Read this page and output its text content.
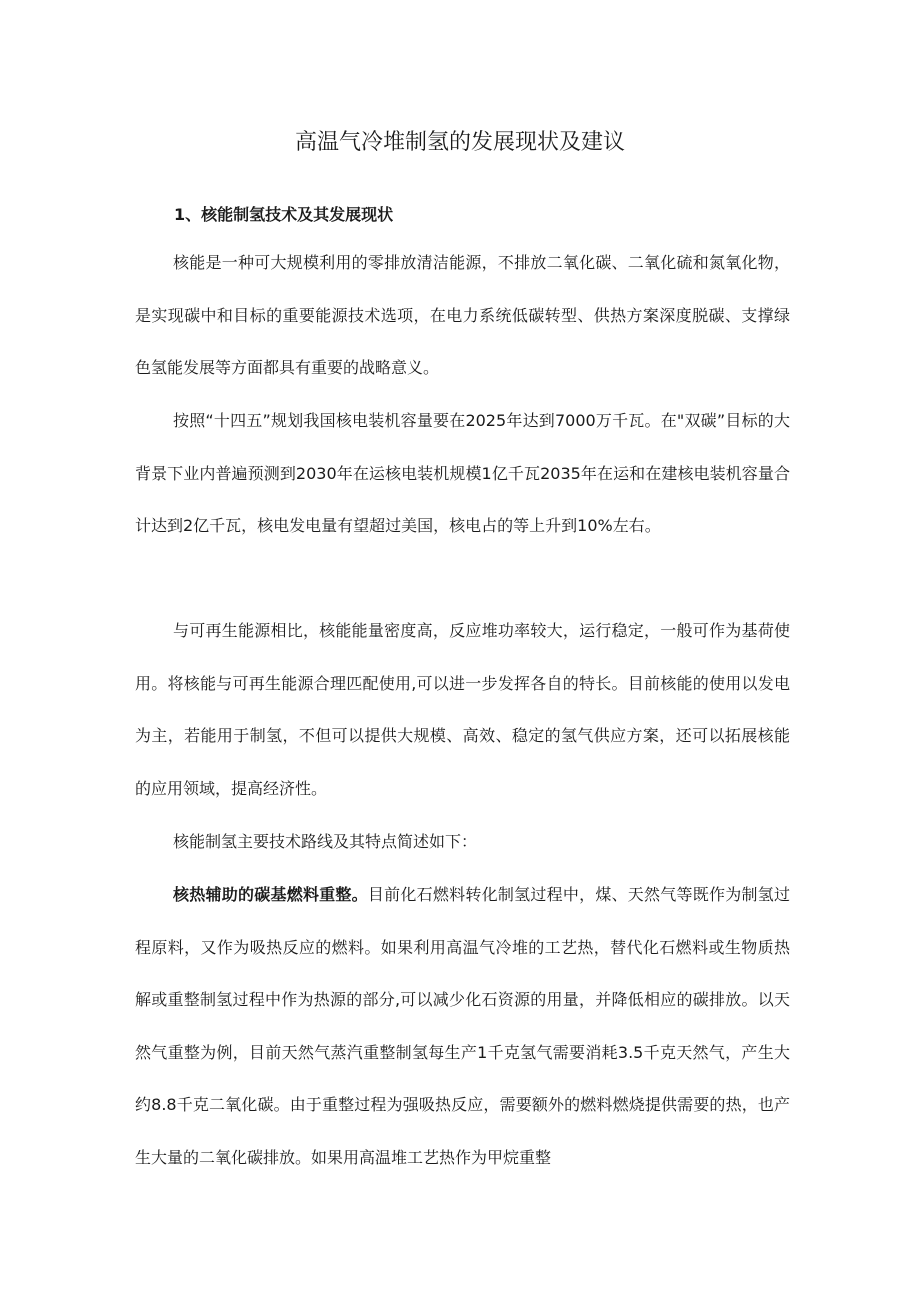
高温气冷堆制氢的发展现状及建议
1、核能制氢技术及其发展现状

核能是一种可大规模利用的零排放清洁能源，不排放二氧化碳、二氧化硫和氮氧化物，是实现碳中和目标的重要能源技术选项，在电力系统低碳转型、供热方案深度脱碳、支撑绿色氢能发展等方面都具有重要的战略意义。

按照“十四五”规划我国核电装机容量要在2025年达到7000万千瓦。在"双碳”目标的大背景下业内普遍预测到2030年在运核电装机规模1亿千瓦2035年在运和在建核电装机容量合计达到2亿千瓦，核电发电量有望超过美国，核电占的等上升到10%左右。

与可再生能源相比，核能能量密度高，反应堆功率较大，运行稳定，一般可作为基荷使用。将核能与可再生能源合理匹配使用,可以进一步发挥各自的特长。目前核能的使用以发电为主，若能用于制氢，不但可以提供大规模、高效、稳定的氢气供应方案，还可以拓展核能的应用领域，提高经济性。

核能制氢主要技术路线及其特点简述如下：

核热辅助的碳基燃料重整。目前化石燃料转化制氢过程中，煤、天然气等既作为制氢过程原料，又作为吸热反应的燃料。如果利用高温气冷堆的工艺热，替代化石燃料或生物质热解或重整制氢过程中作为热源的部分,可以减少化石资源的用量，并降低相应的碳排放。以天然气重整为例，目前天然气蒸汽重整制氢每生产1千克氢气需要消耗3.5千克天然气，产生大约8.8千克二氧化碳。由于重整过程为强吸热反应，需要额外的燃料燃烧提供需要的热，也产生大量的二氧化碳排放。如果用高温堆工艺热作为甲烷重整
